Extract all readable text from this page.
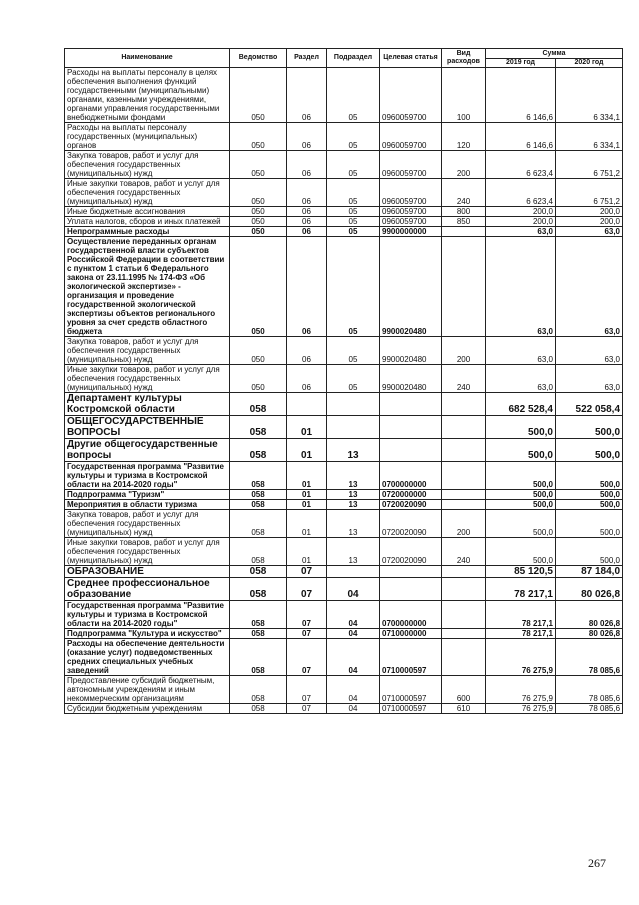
Наименование	Ведомство	Раздел	Подраздел	Целевая статья	Вид расходов	Сумма	
						2019 год	2020 год
Расходы на выплаты персоналу в целях обеспечения выполнения функций государственными (муниципальными) органами, казенными учреждениями, органами управления государственными внебюджетными фондами	050	06	05	0960059700	100	6 146,6	6 334,1
Расходы на выплаты персоналу государственных (муниципальных) органов	050	06	05	0960059700	120	6 146,6	6 334,1
Закупка товаров, работ и услуг для обеспечения государственных (муниципальных) нужд	050	06	05	0960059700	200	6 623,4	6 751,2
Иные закупки товаров, работ и услуг для обеспечения государственных (муниципальных) нужд	050	06	05	0960059700	240	6 623,4	6 751,2
Иные бюджетные ассигнования	050	06	05	0960059700	800	200,0	200,0
Уплата налогов, сборов и иных платежей	050	06	05	0960059700	850	200,0	200,0
Непрограммные расходы	050	06	05	9900000000		63,0	63,0
Осуществление переданных органам государственной власти субъектов Российской Федерации в соответствии с пунктом 1 статьи 6 Федерального закона от 23.11.1995 № 174-ФЗ «Об экологической экспертизе» - организация и проведение государственной экологической экспертизы объектов регионального уровня за счет средств областного бюджета	050	06	05	9900020480		63,0	63,0
Закупка товаров, работ и услуг для обеспечения государственных (муниципальных) нужд	050	06	05	9900020480	200	63,0	63,0
Иные закупки товаров, работ и услуг для обеспечения государственных (муниципальных) нужд	050	06	05	9900020480	240	63,0	63,0
Департамент культуры Костромской области	058					682 528,4	522 058,4
ОБЩЕГОСУДАРСТВЕННЫЕ ВОПРОСЫ	058	01				500,0	500,0
Другие общегосударственные вопросы	058	01	13			500,0	500,0
Государственная программа "Развитие культуры и туризма в Костромской области на 2014-2020 годы"	058	01	13	0700000000		500,0	500,0
Подпрограмма "Туризм"	058	01	13	0720000000		500,0	500,0
Мероприятия в области туризма	058	01	13	0720020090		500,0	500,0
Закупка товаров, работ и услуг для обеспечения государственных (муниципальных) нужд	058	01	13	0720020090	200	500,0	500,0
Иные закупки товаров, работ и услуг для обеспечения государственных (муниципальных) нужд	058	01	13	0720020090	240	500,0	500,0
ОБРАЗОВАНИЕ	058	07				85 120,5	87 184,0
Среднее профессиональное образование	058	07	04			78 217,1	80 026,8
Государственная программа "Развитие культуры и туризма в Костромской области на 2014-2020 годы"	058	07	04	0700000000		78 217,1	80 026,8
Подпрограмма "Культура и искусство"	058	07	04	0710000000		78 217,1	80 026,8
Расходы на обеспечение деятельности (оказание услуг) подведомственных средних специальных учебных заведений	058	07	04	0710000597		76 275,9	78 085,6
Предоставление субсидий бюджетным, автономным учреждениям и иным некоммерческим организациям	058	07	04	0710000597	600	76 275,9	78 085,6
Субсидии бюджетным учреждениям	058	07	04	0710000597	610	76 275,9	78 085,6
267
